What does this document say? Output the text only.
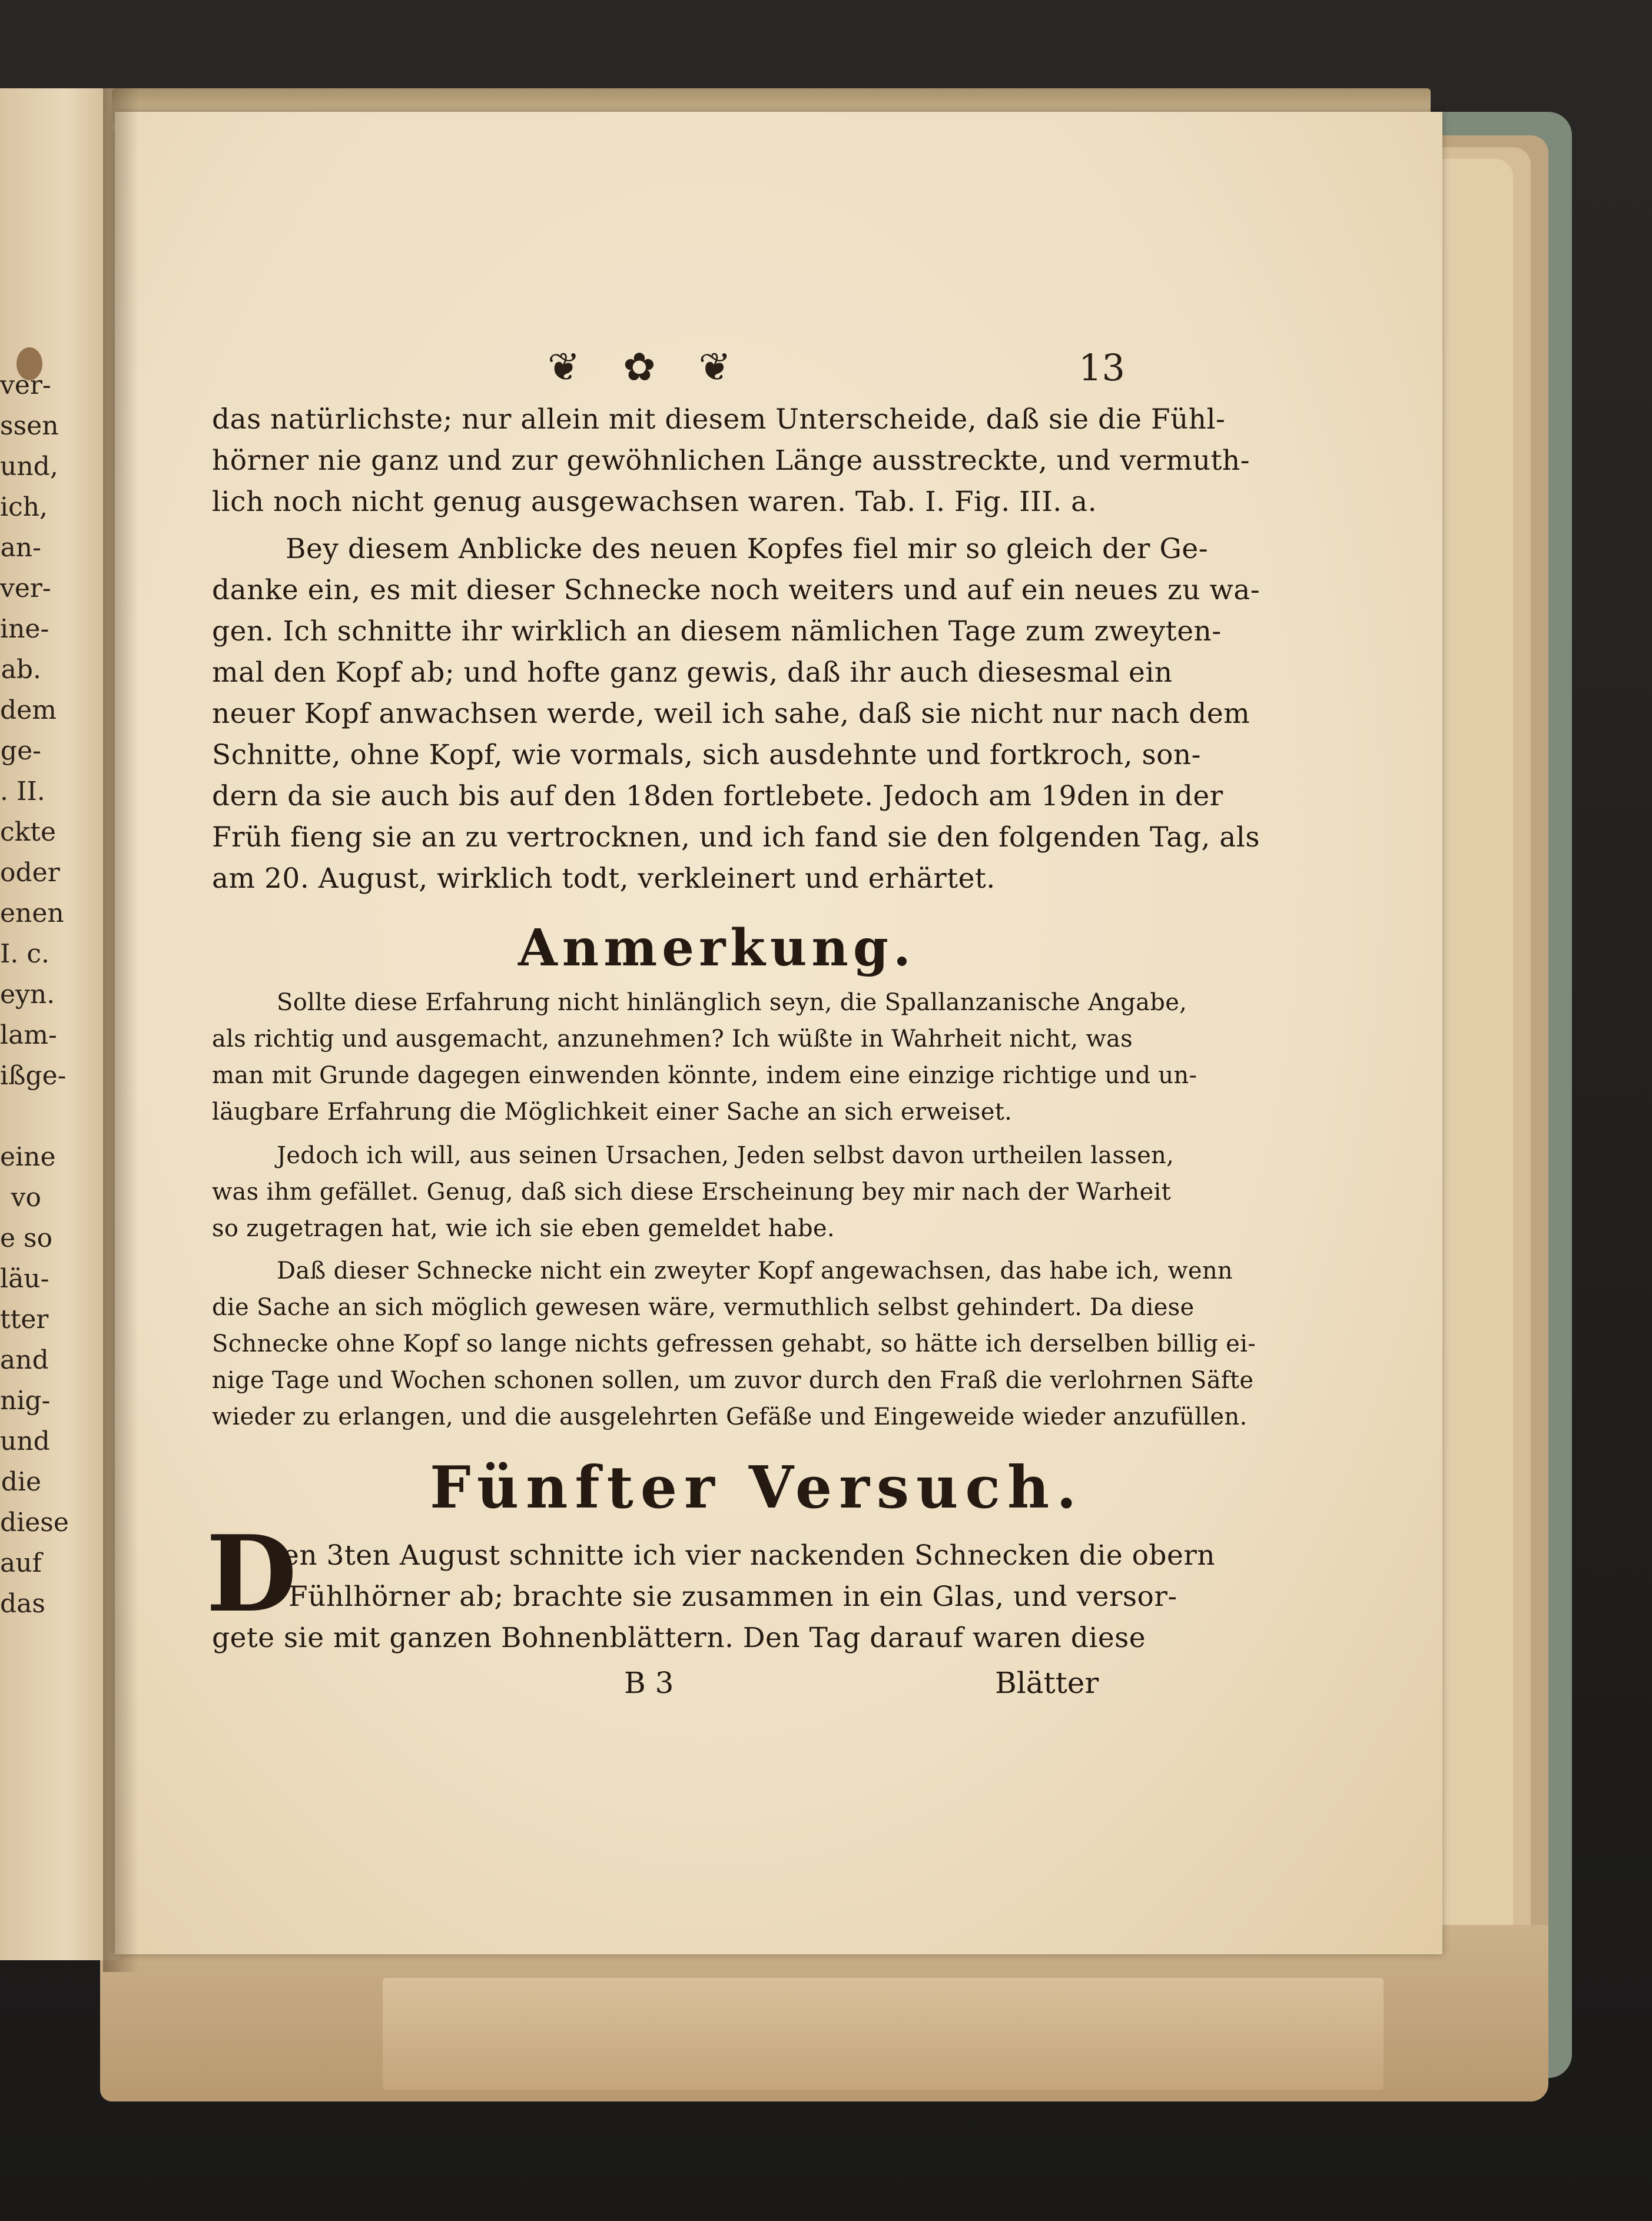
ver-
ssen
und,
ich,
an-
ver-
ine-
ab.
dem
ge-
. II.
ckte
oder
enen
I. c.
eyn.
lam-
ißge-

eine
vo
e so
läu-
tter
and
nig-
und
die
diese
auf
das
❦ ✿ ❦	13
das natürlichste; nur allein mit diesem Unterscheide, daß sie die Fühl-
hörner nie ganz und zur gewöhnlichen Länge ausstreckte, und vermuth-
lich noch nicht genug ausgewachsen waren. Tab. I. Fig. III. a.
Bey diesem Anblicke des neuen Kopfes fiel mir so gleich der Ge-
danke ein, es mit dieser Schnecke noch weiters und auf ein neues zu wa-
gen. Ich schnitte ihr wirklich an diesem nämlichen Tage zum zweyten-
mal den Kopf ab; und hofte ganz gewis, daß ihr auch diesesmal ein
neuer Kopf anwachsen werde, weil ich sahe, daß sie nicht nur nach dem
Schnitte, ohne Kopf, wie vormals, sich ausdehnte und fortkroch, son-
dern da sie auch bis auf den 18den fortlebete. Jedoch am 19den in der
Früh fieng sie an zu vertrocknen, und ich fand sie den folgenden Tag, als
am 20. August, wirklich todt, verkleinert und erhärtet.
Anmerkung.
Sollte diese Erfahrung nicht hinlänglich seyn, die Spallanzanische Angabe,
als richtig und ausgemacht, anzunehmen? Ich wüßte in Wahrheit nicht, was
man mit Grunde dagegen einwenden könnte, indem eine einzige richtige und un-
läugbare Erfahrung die Möglichkeit einer Sache an sich erweiset.
Jedoch ich will, aus seinen Ursachen, Jeden selbst davon urtheilen lassen,
was ihm gefället. Genug, daß sich diese Erscheinung bey mir nach der Warheit
so zugetragen hat, wie ich sie eben gemeldet habe.
Daß dieser Schnecke nicht ein zweyter Kopf angewachsen, das habe ich, wenn
die Sache an sich möglich gewesen wäre, vermuthlich selbst gehindert. Da diese
Schnecke ohne Kopf so lange nichts gefressen gehabt, so hätte ich derselben billig ei-
nige Tage und Wochen schonen sollen, um zuvor durch den Fraß die verlohrnen Säfte
wieder zu erlangen, und die ausgelehrten Gefäße und Eingeweide wieder anzufüllen.
Fünfter Versuch.
D
en 3ten August schnitte ich vier nackenden Schnecken die obern
Fühlhörner ab; brachte sie zusammen in ein Glas, und versor-
gete sie mit ganzen Bohnenblättern. Den Tag darauf waren diese
B 3	Blätter
